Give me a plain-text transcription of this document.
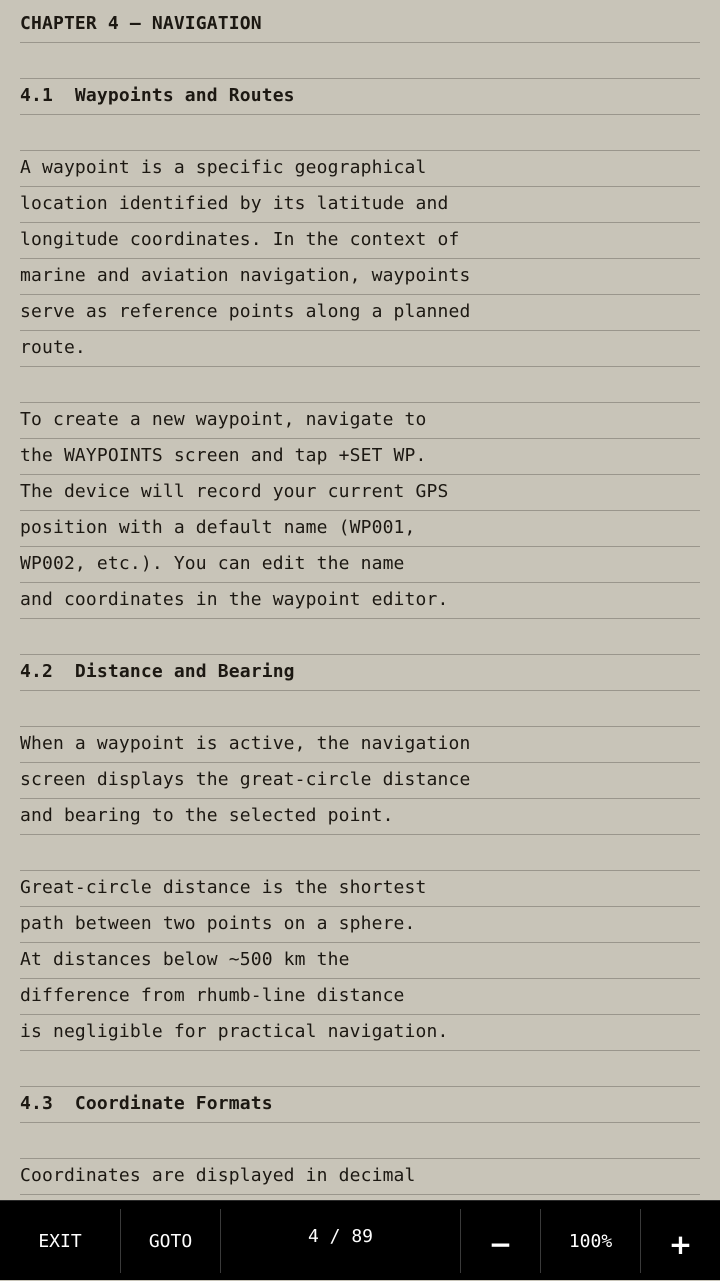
CHAPTER 4 — NAVIGATION
4.1  Waypoints and Routes
A waypoint is a specific geographical
location identified by its latitude and
longitude coordinates. In the context of
marine and aviation navigation, waypoints
serve as reference points along a planned
route.
To create a new waypoint, navigate to
the WAYPOINTS screen and tap +SET WP.
The device will record your current GPS
position with a default name (WP001,
WP002, etc.). You can edit the name
and coordinates in the waypoint editor.
4.2  Distance and Bearing
When a waypoint is active, the navigation
screen displays the great-circle distance
and bearing to the selected point.
Great-circle distance is the shortest
path between two points on a sphere.
At distances below ~500 km the
difference from rhumb-line distance
is negligible for practical navigation.
4.3  Coordinate Formats
Coordinates are displayed in decimal
EXIT	GOTO	4 / 89	−	100%	+
